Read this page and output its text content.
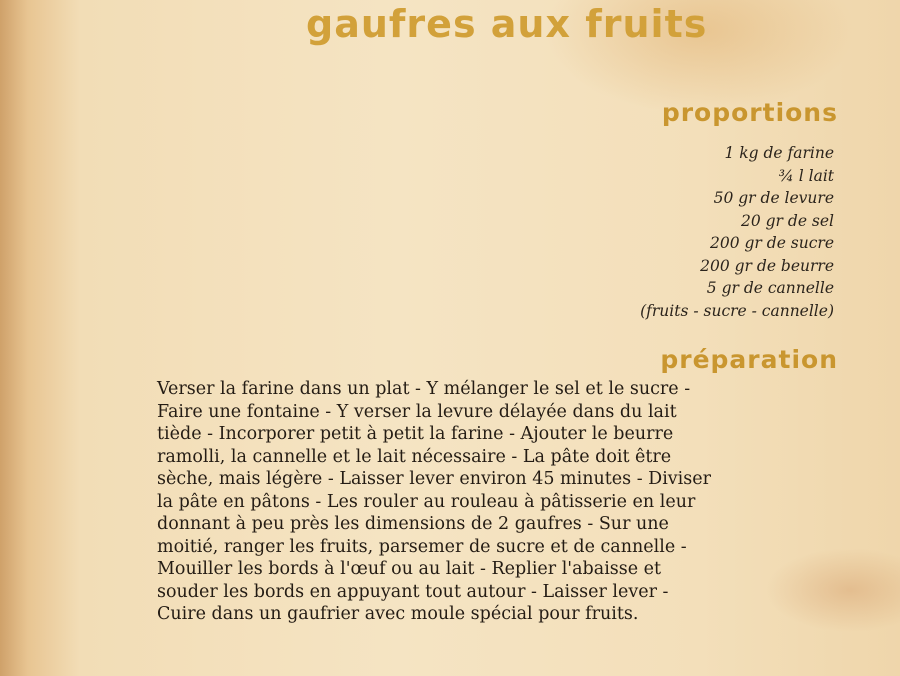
gaufres aux fruits
proportions
1 kg de farine
¾ l lait
50 gr de levure
20 gr de sel
200 gr de sucre
200 gr de beurre
5 gr de cannelle
(fruits - sucre - cannelle)
préparation

Verser la farine dans un plat - Y mélanger le sel et le sucre -
Faire une fontaine - Y verser la levure délayée dans du lait
tiède - Incorporer petit à petit la farine - Ajouter le beurre
ramolli, la cannelle et le lait nécessaire - La pâte doit être
sèche, mais légère - Laisser lever environ 45 minutes - Diviser
la pâte en pâtons - Les rouler au rouleau à pâtisserie en leur
donnant à peu près les dimensions de 2 gaufres - Sur une
moitié, ranger les fruits, parsemer de sucre et de cannelle -
Mouiller les bords à l'œuf ou au lait - Replier l'abaisse et
souder les bords en appuyant tout autour - Laisser lever -
Cuire dans un gaufrier avec moule spécial pour fruits.
